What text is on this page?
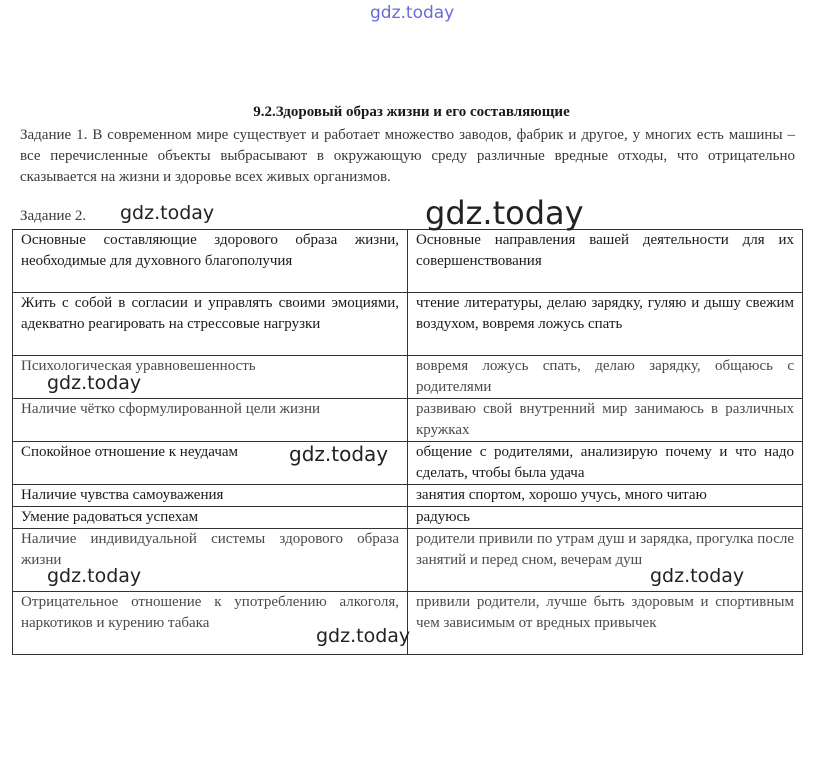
gdz.today
9.2.Здоровый образ жизни и его составляющие
Задание 1. В современном мире существует и работает множество заводов, фабрик и другое, у многих есть машины – все перечисленные объекты выбрасывают в окружающую среду различные вредные отходы, что отрицательно сказывается на жизни и здоровье всех живых организмов.
Задание 2.
Основные составляющие здорового образа жизни, необходимые для духовного благополучия	Основные направления вашей деятельности для их совершенствования
Жить с собой в согласии и управлять своими эмоциями, адекватно реагировать на стрессовые нагрузки	чтение литературы, делаю зарядку, гуляю и дышу свежим воздухом, вовремя ложусь спать
Психологическая уравновешенность	вовремя ложусь спать, делаю зарядку, общаюсь с родителями
Наличие чётко сформулированной цели жизни	развиваю свой внутренний мир занимаюсь в различных кружках
Спокойное отношение к неудачам	общение с родителями, анализирую почему и что надо сделать, чтобы была удача
Наличие чувства самоуважения	занятия спортом, хорошо учусь, много читаю
Умение радоваться успехам	радуюсь
Наличие индивидуальной системы здорового образа жизни	родители привили по утрам душ и зарядка, прогулка после занятий и перед сном, вечерам душ
Отрицательное отношение к употреблению алкоголя, наркотиков и курению табака	привили родители, лучше быть здоровым и спортивным чем зависимым от вредных привычек
gdz.today	gdz.today
gdz.today
gdz.today
gdz.today	gdz.today
gdz.today
